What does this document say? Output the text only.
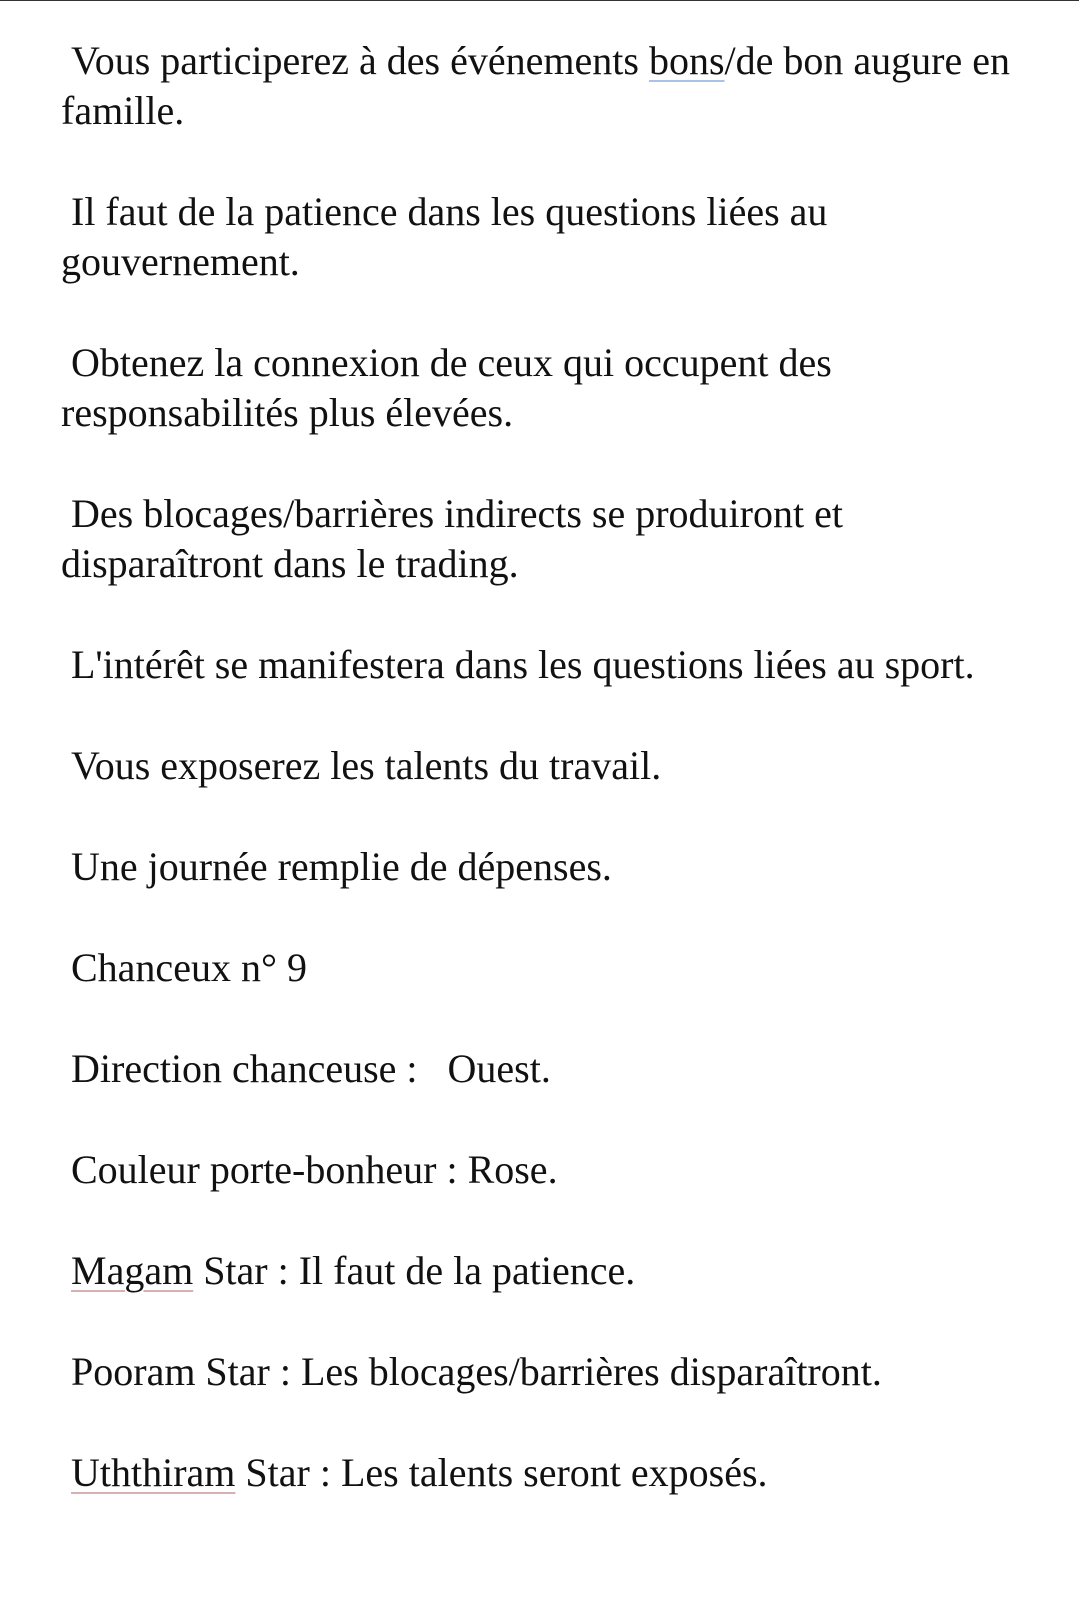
Vous participerez à des événements bons/de bon augure en famille.

Il faut de la patience dans les questions liées au gouvernement.

Obtenez la connexion de ceux qui occupent des responsabilités plus élevées.

Des blocages/barrières indirects se produiront et disparaîtront dans le trading.

L'intérêt se manifestera dans les questions liées au sport.

Vous exposerez les talents du travail.

Une journée remplie de dépenses.

Chanceux n° 9

Direction chanceuse :   Ouest.

Couleur porte-bonheur : Rose.

Magam Star : Il faut de la patience.

Pooram Star : Les blocages/barrières disparaîtront.

Uththiram Star : Les talents seront exposés.
